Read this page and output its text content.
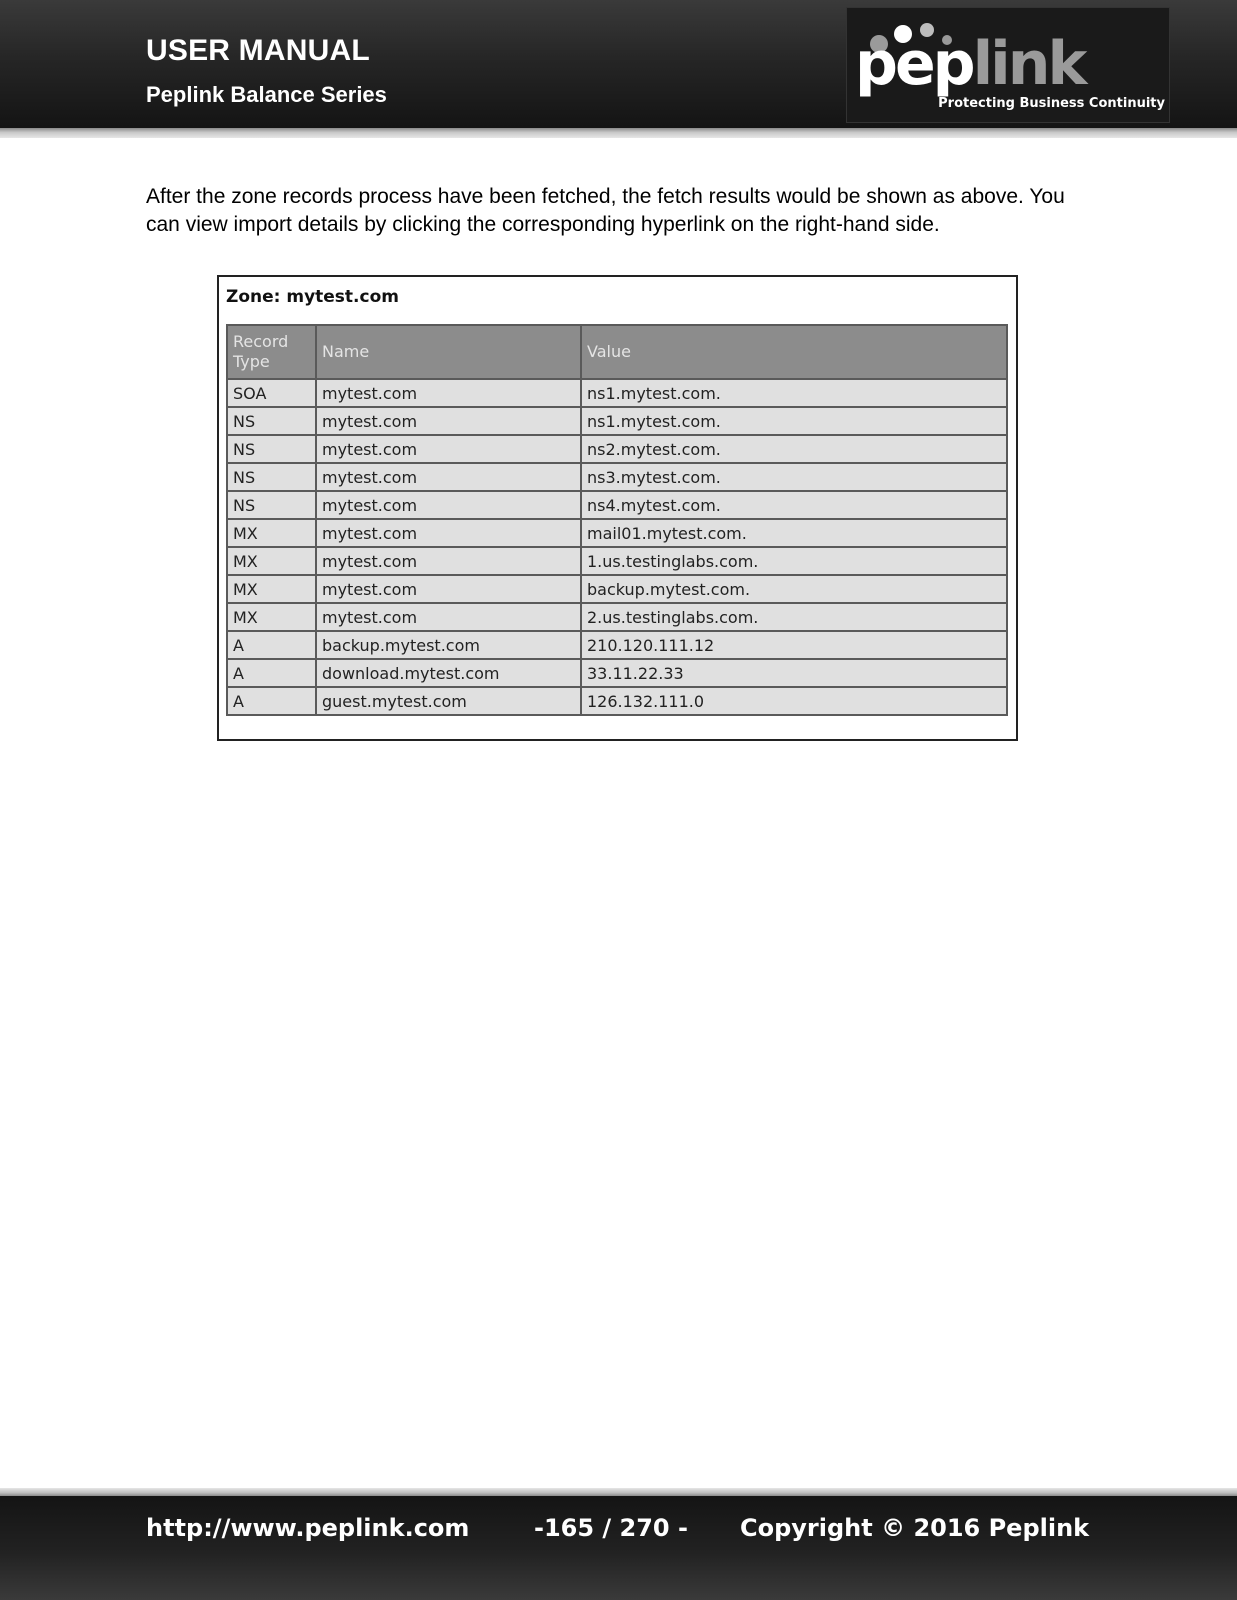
USER MANUAL
Peplink Balance Series	peplink
Protecting Business Continuity
After the zone records process have been fetched, the fetch results would be shown as above. You can view import details by clicking the corresponding hyperlink on the right-hand side.
Zone: mytest.com
Record Type	Name	Value
SOA	mytest.com	ns1.mytest.com.
NS	mytest.com	ns1.mytest.com.
NS	mytest.com	ns2.mytest.com.
NS	mytest.com	ns3.mytest.com.
NS	mytest.com	ns4.mytest.com.
MX	mytest.com	mail01.mytest.com.
MX	mytest.com	1.us.testinglabs.com.
MX	mytest.com	backup.mytest.com.
MX	mytest.com	2.us.testinglabs.com.
A	backup.mytest.com	210.120.111.12
A	download.mytest.com	33.11.22.33
A	guest.mytest.com	126.132.111.0
http://www.peplink.com	-165 / 270 - Copyright © 2016 Peplink
